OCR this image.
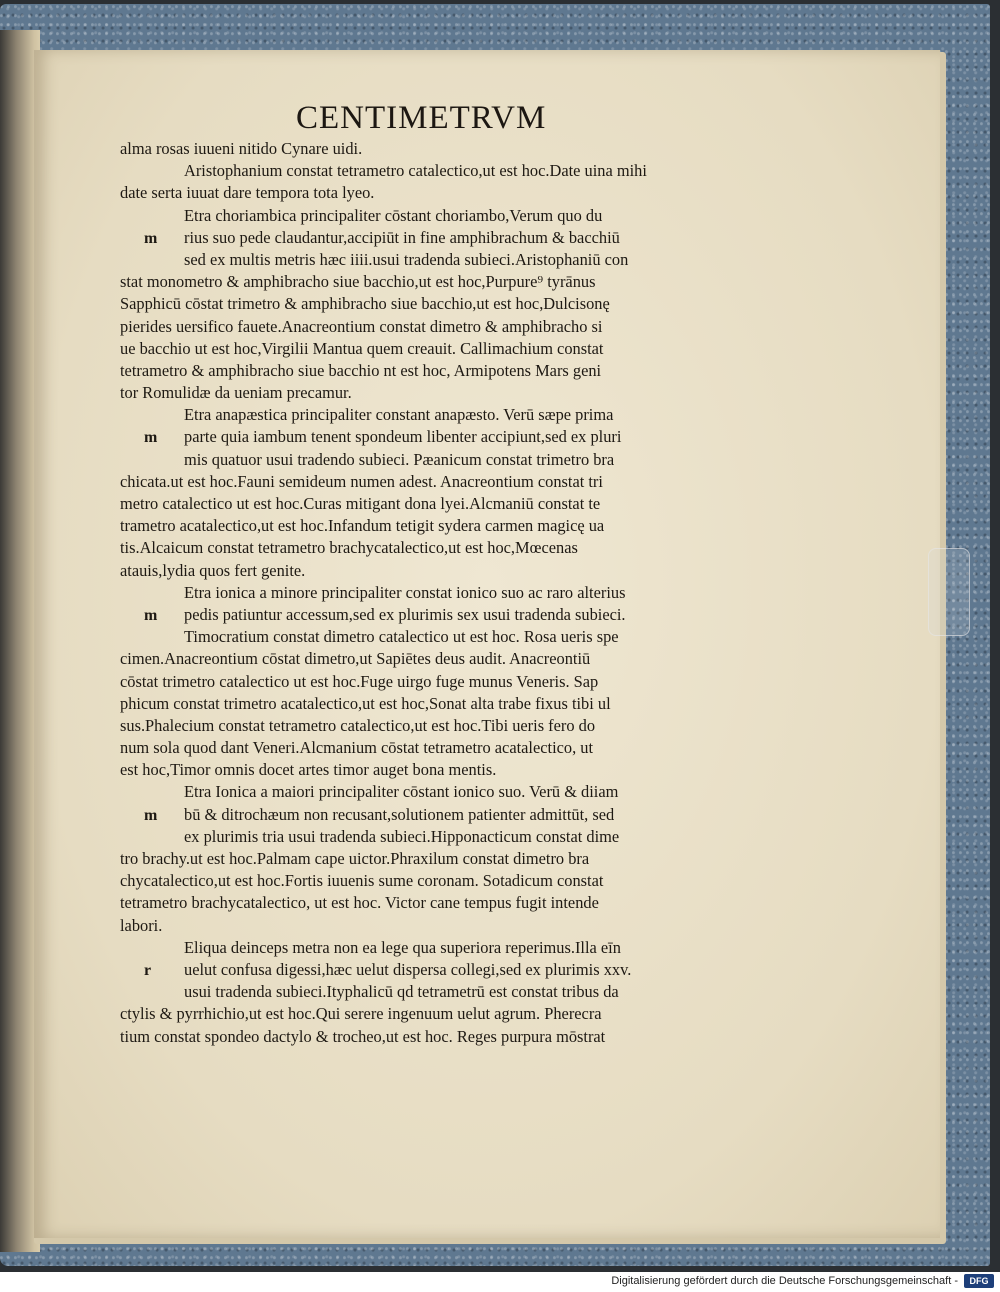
CENTIMETRVM
alma rosas iuueni nitido Cynare uidi.
Aristophanium constat tetrametro catalectico,ut est hoc.Date uina mihi
date serta iuuat dare tempora tota lyeo.
Etra choriambica principaliter cōstant choriambo,Verum quo du
m rius suo pede claudantur,accipiūt in fine amphibrachum & bacchiū
sed ex multis metris hæc iiii.usui tradenda subieci.Aristophaniū con
stat monometro & amphibracho siue bacchio,ut est hoc,Purpure⁹ tyrānus
Sapphicū cōstat trimetro & amphibracho siue bacchio,ut est hoc,Dulcisonę
pierides uersifico fauete.Anacreontium constat dimetro & amphibracho si
ue bacchio ut est hoc,Virgilii Mantua quem creauit. Callimachium constat
tetrametro & amphibracho siue bacchio nt est hoc, Armipotens Mars geni
tor Romulidæ da ueniam precamur.
Etra anapæstica principaliter constant anapæsto. Verū sæpe prima
m parte quia iambum tenent spondeum libenter accipiunt,sed ex pluri
mis quatuor usui tradendo subieci. Pæanicum constat trimetro bra
chicata.ut est hoc.Fauni semideum numen adest. Anacreontium constat tri
metro catalectico ut est hoc.Curas mitigant dona lyei.Alcmaniū constat te
trametro acatalectico,ut est hoc.Infandum tetigit sydera carmen magicę ua
tis.Alcaicum constat tetrametro brachycatalectico,ut est hoc,Mœcenas
atauis,lydia quos fert genite.
Etra ionica a minore principaliter constat ionico suo ac raro alterius
m pedis patiuntur accessum,sed ex plurimis sex usui tradenda subieci.
Timocratium constat dimetro catalectico ut est hoc. Rosa ueris spe
cimen.Anacreontium cōstat dimetro,ut Sapiētes deus audit. Anacreontiū
cōstat trimetro catalectico ut est hoc.Fuge uirgo fuge munus Veneris. Sap
phicum constat trimetro acatalectico,ut est hoc,Sonat alta trabe fixus tibi ul
sus.Phalecium constat tetrametro catalectico,ut est hoc.Tibi ueris fero do
num sola quod dant Veneri.Alcmanium cōstat tetrametro acatalectico, ut
est hoc,Timor omnis docet artes timor auget bona mentis.
Etra Ionica a maiori principaliter cōstant ionico suo. Verū & diiam
m bū & ditrochæum non recusant,solutionem patienter admittūt, sed
ex plurimis tria usui tradenda subieci.Hipponacticum constat dime
tro brachy.ut est hoc.Palmam cape uictor.Phraxilum constat dimetro bra
chycatalectico,ut est hoc.Fortis iuuenis sume coronam. Sotadicum constat
tetrametro brachycatalectico, ut est hoc. Victor cane tempus fugit intende
labori.
Eliqua deinceps metra non ea lege qua superiora reperimus.Illa eīn
r uelut confusa digessi,hæc uelut dispersa collegi,sed ex plurimis xxv.
usui tradenda subieci.Ityphalicū qd tetrametrū est constat tribus da
ctylis & pyrrhichio,ut est hoc.Qui serere ingenuum uelut agrum. Pherecra
tium constat spondeo dactylo & trocheo,ut est hoc. Reges purpura mōstrat
Digitalisierung gefördert durch die Deutsche Forschungsgemeinschaft -	DFG
